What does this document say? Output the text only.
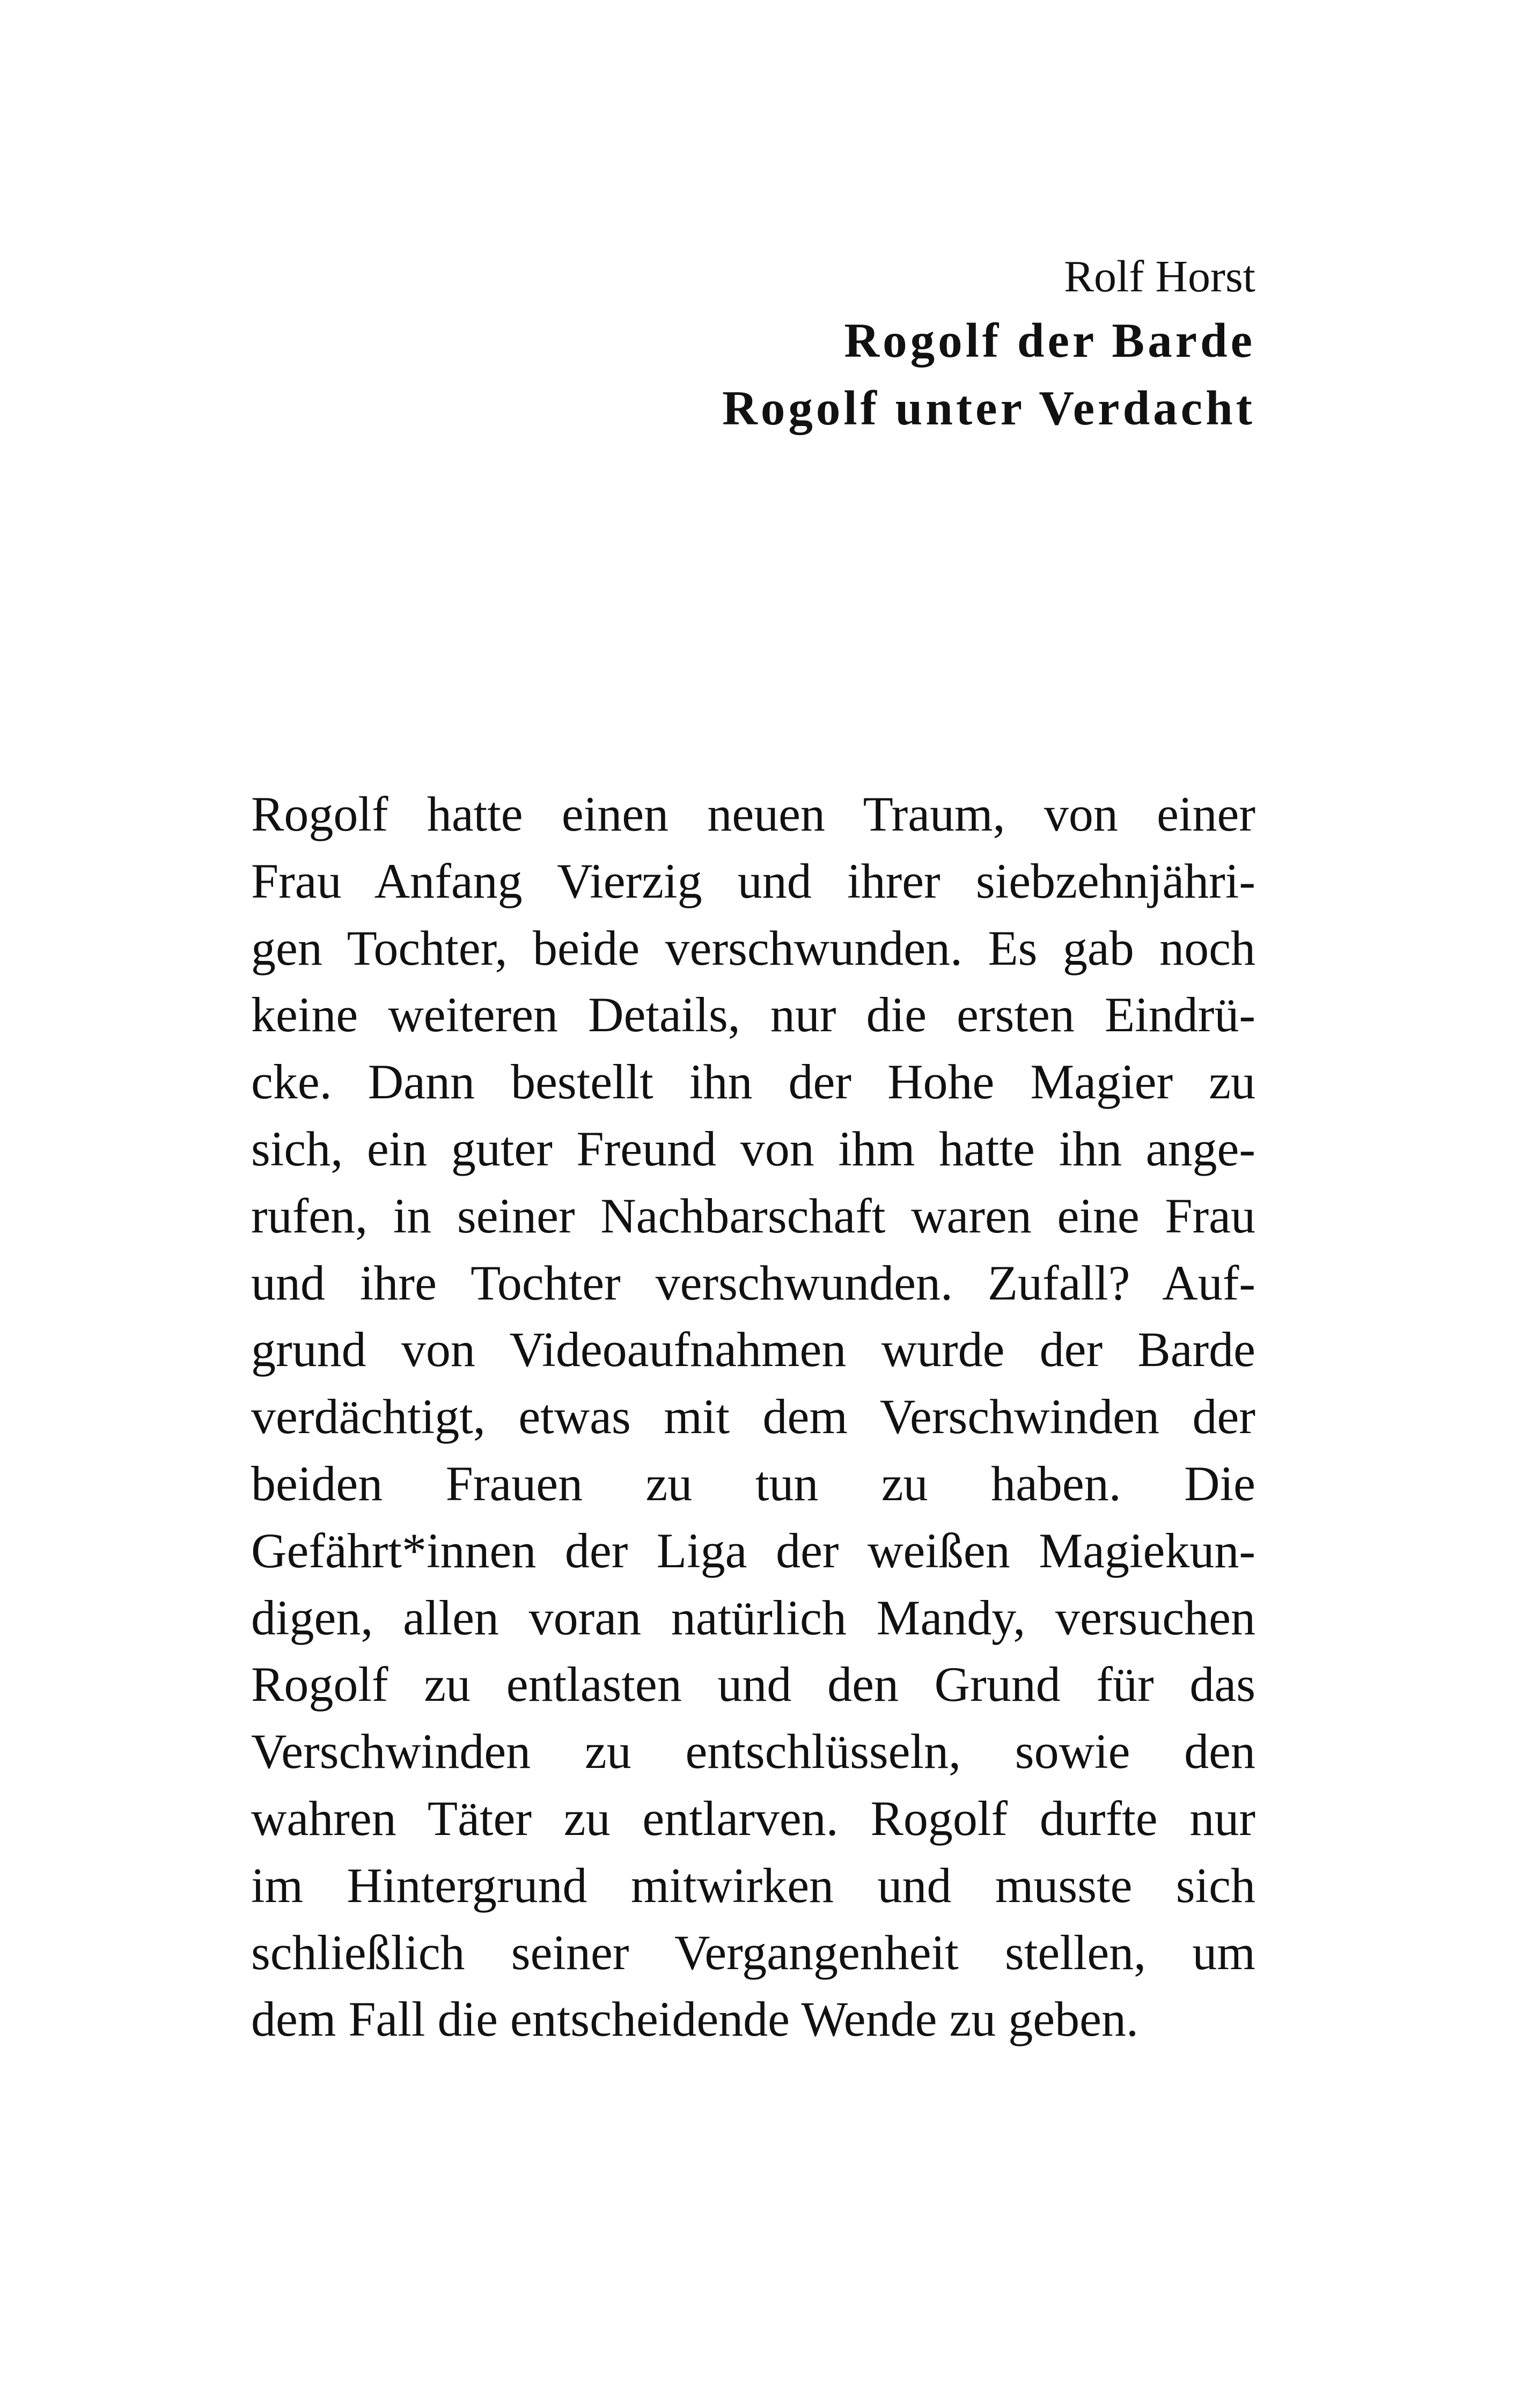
Rolf Horst
Rogolf der Barde
Rogolf unter Verdacht
Rogolf hatte einen neuen Traum, von einer
Frau Anfang Vierzig und ihrer siebzehnjähri-
gen Tochter, beide verschwunden. Es gab noch
keine weiteren Details, nur die ersten Eindrü-
cke. Dann bestellt ihn der Hohe Magier zu
sich, ein guter Freund von ihm hatte ihn ange-
rufen, in seiner Nachbarschaft waren eine Frau
und ihre Tochter verschwunden. Zufall? Auf-
grund von Videoaufnahmen wurde der Barde
verdächtigt, etwas mit dem Verschwinden der
beiden Frauen zu tun zu haben. Die
Gefährt*innen der Liga der weißen Magiekun-
digen, allen voran natürlich Mandy, versuchen
Rogolf zu entlasten und den Grund für das
Verschwinden zu entschlüsseln, sowie den
wahren Täter zu entlarven. Rogolf durfte nur
im Hintergrund mitwirken und musste sich
schließlich seiner Vergangenheit stellen, um
dem Fall die entscheidende Wende zu geben.
